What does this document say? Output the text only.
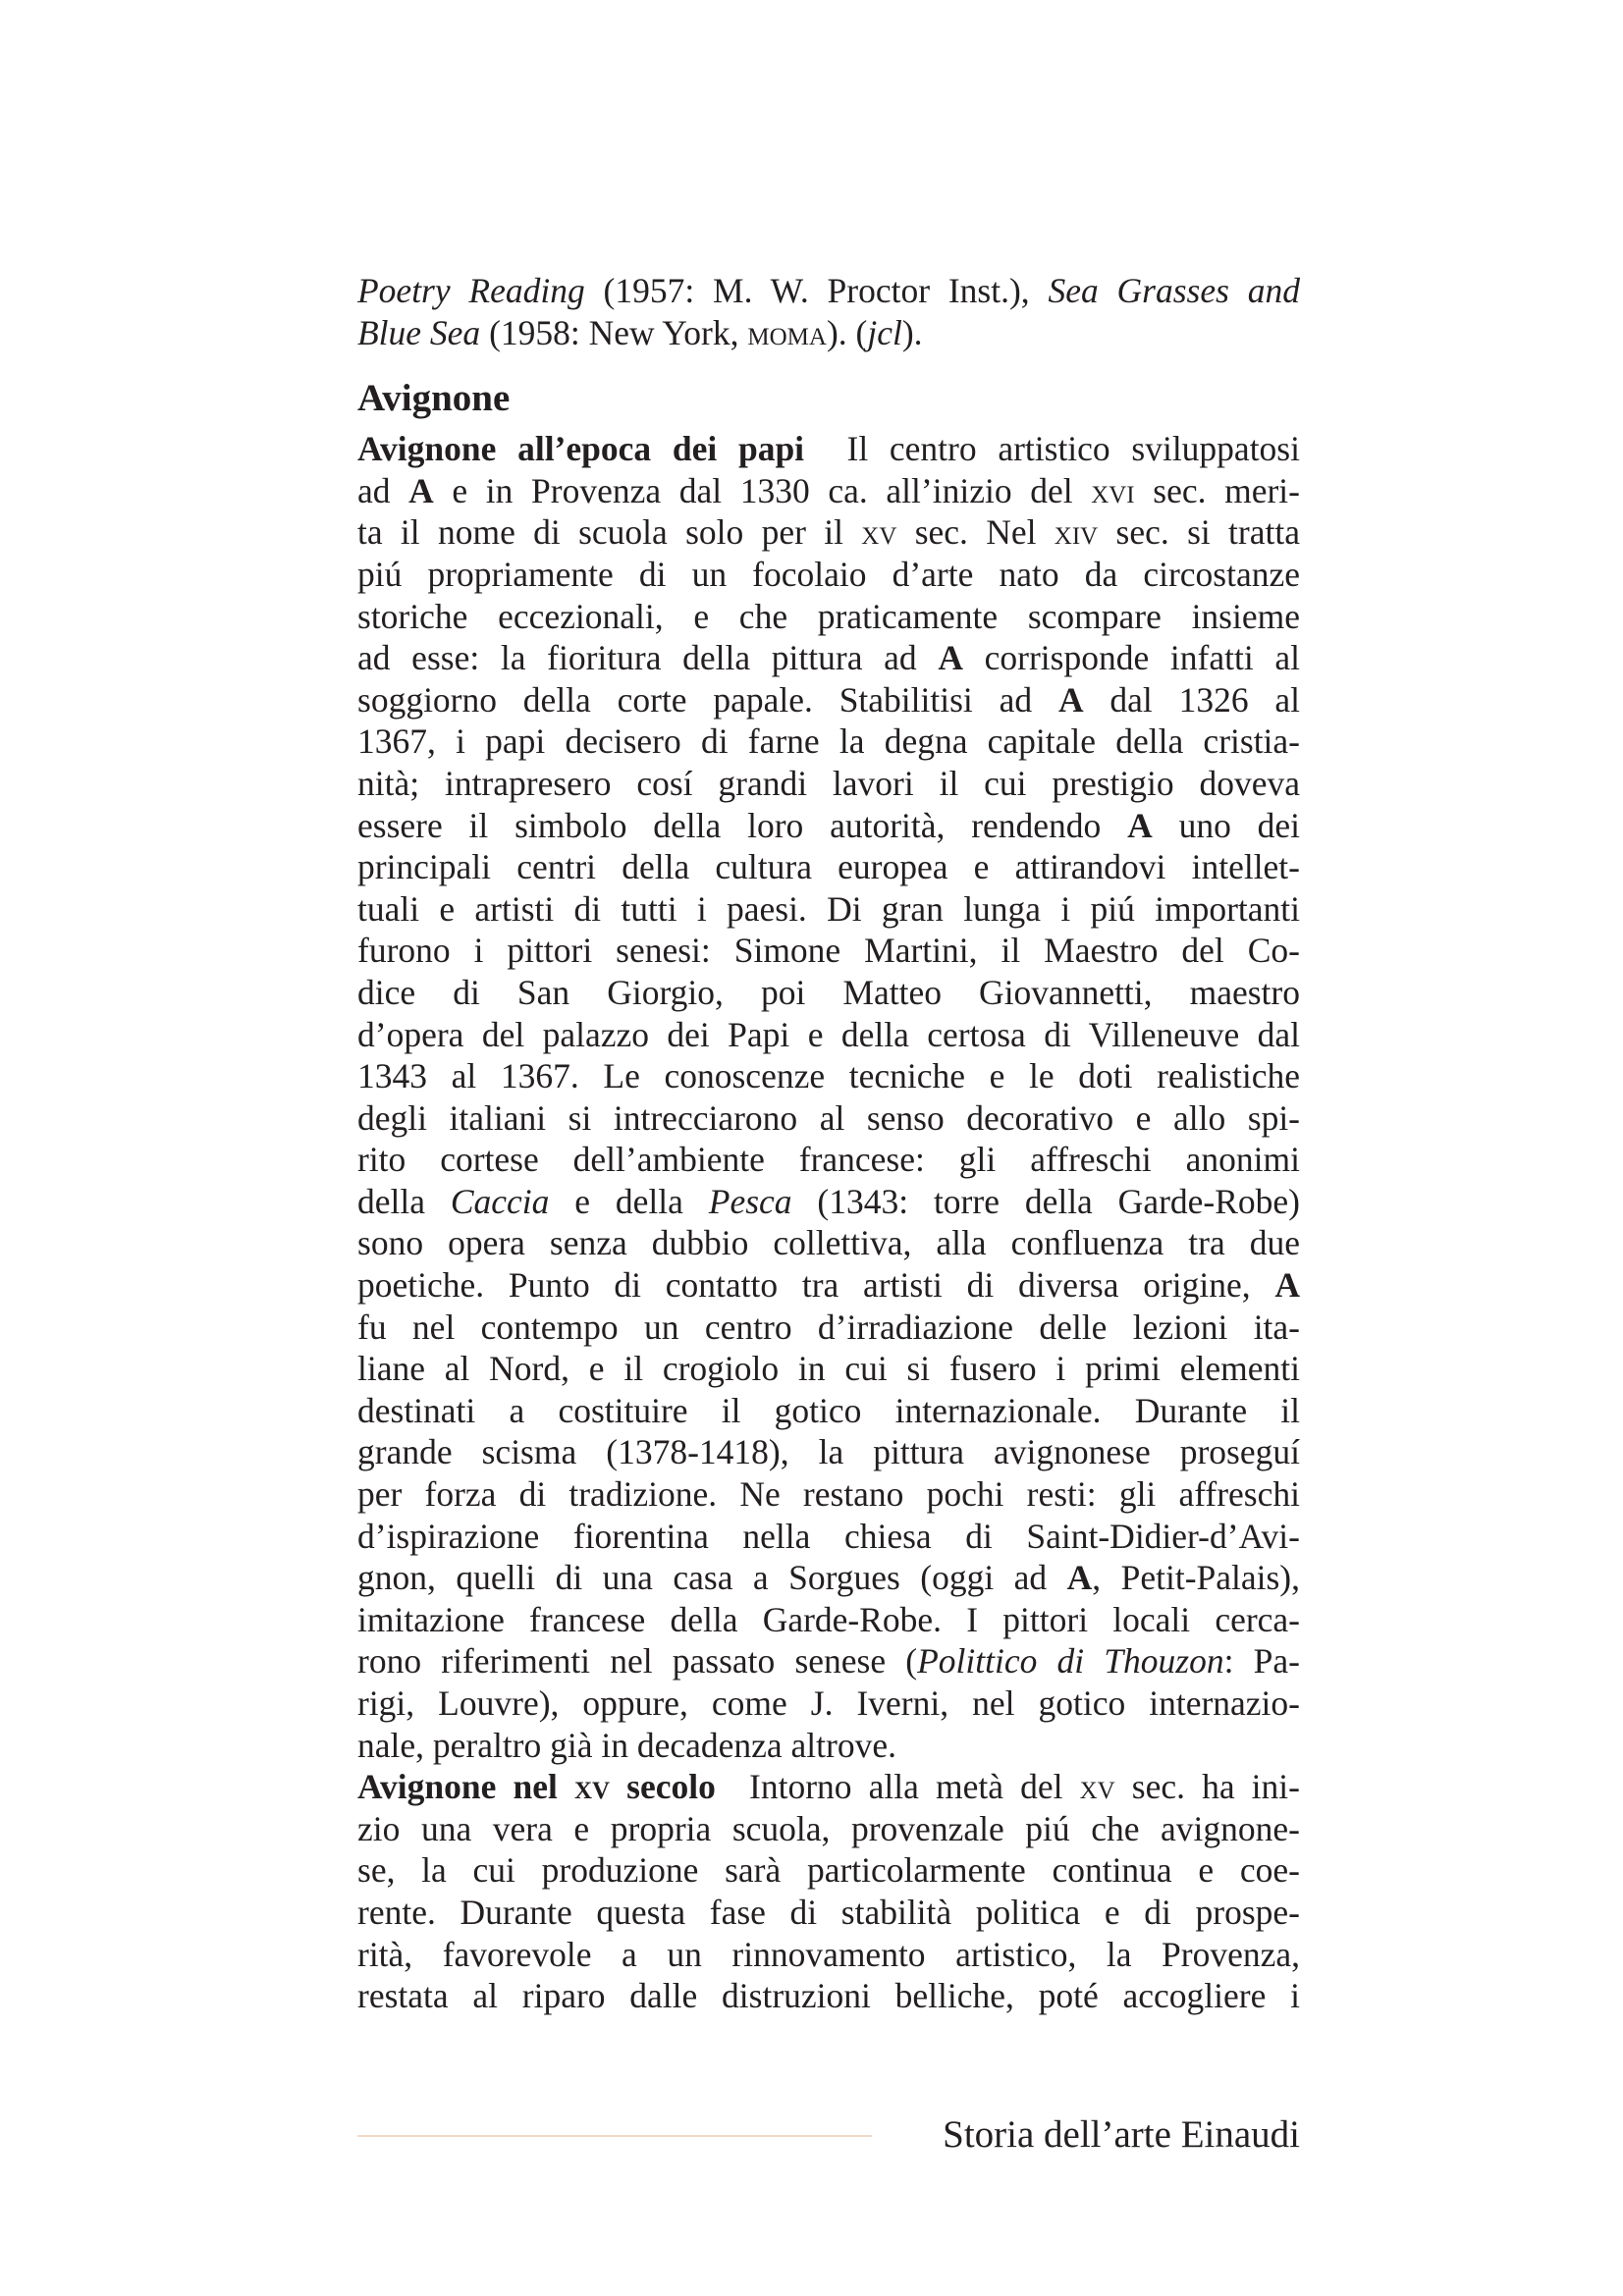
Poetry Reading (1957: M. W. Proctor Inst.), Sea Grasses and
Blue Sea (1958: New York, moma). (jcl).
Avignone
Avignone all’epoca dei papi  Il centro artistico sviluppatosi
ad A e in Provenza dal 1330 ca. all’inizio del xvi sec. meri-
ta il nome di scuola solo per il xv sec. Nel xiv sec. si tratta
piú propriamente di un focolaio d’arte nato da circostanze
storiche eccezionali, e che praticamente scompare insieme
ad esse: la fioritura della pittura ad A corrisponde infatti al
soggiorno della corte papale. Stabilitisi ad A dal 1326 al
1367, i papi decisero di farne la degna capitale della cristia-
nità; intrapresero cosí grandi lavori il cui prestigio doveva
essere il simbolo della loro autorità, rendendo A uno dei
principali centri della cultura europea e attirandovi intellet-
tuali e artisti di tutti i paesi. Di gran lunga i piú importanti
furono i pittori senesi: Simone Martini, il Maestro del Co-
dice di San Giorgio, poi Matteo Giovannetti, maestro
d’opera del palazzo dei Papi e della certosa di Villeneuve dal
1343 al 1367. Le conoscenze tecniche e le doti realistiche
degli italiani si intrecciarono al senso decorativo e allo spi-
rito cortese dell’ambiente francese: gli affreschi anonimi
della Caccia e della Pesca (1343: torre della Garde-Robe)
sono opera senza dubbio collettiva, alla confluenza tra due
poetiche. Punto di contatto tra artisti di diversa origine, A
fu nel contempo un centro d’irradiazione delle lezioni ita-
liane al Nord, e il crogiolo in cui si fusero i primi elementi
destinati a costituire il gotico internazionale. Durante il
grande scisma (1378-1418), la pittura avignonese proseguí
per forza di tradizione. Ne restano pochi resti: gli affreschi
d’ispirazione fiorentina nella chiesa di Saint-Didier-d’Avi-
gnon, quelli di una casa a Sorgues (oggi ad A, Petit-Palais),
imitazione francese della Garde-Robe. I pittori locali cerca-
rono riferimenti nel passato senese (Polittico di Thouzon: Pa-
rigi, Louvre), oppure, come J. Iverni, nel gotico internazio-
nale, peraltro già in decadenza altrove.
Avignone nel xv secolo  Intorno alla metà del xv sec. ha ini-
zio una vera e propria scuola, provenzale piú che avignone-
se, la cui produzione sarà particolarmente continua e coe-
rente. Durante questa fase di stabilità politica e di prospe-
rità, favorevole a un rinnovamento artistico, la Provenza,
restata al riparo dalle distruzioni belliche, poté accogliere i
Storia dell’arte Einaudi
